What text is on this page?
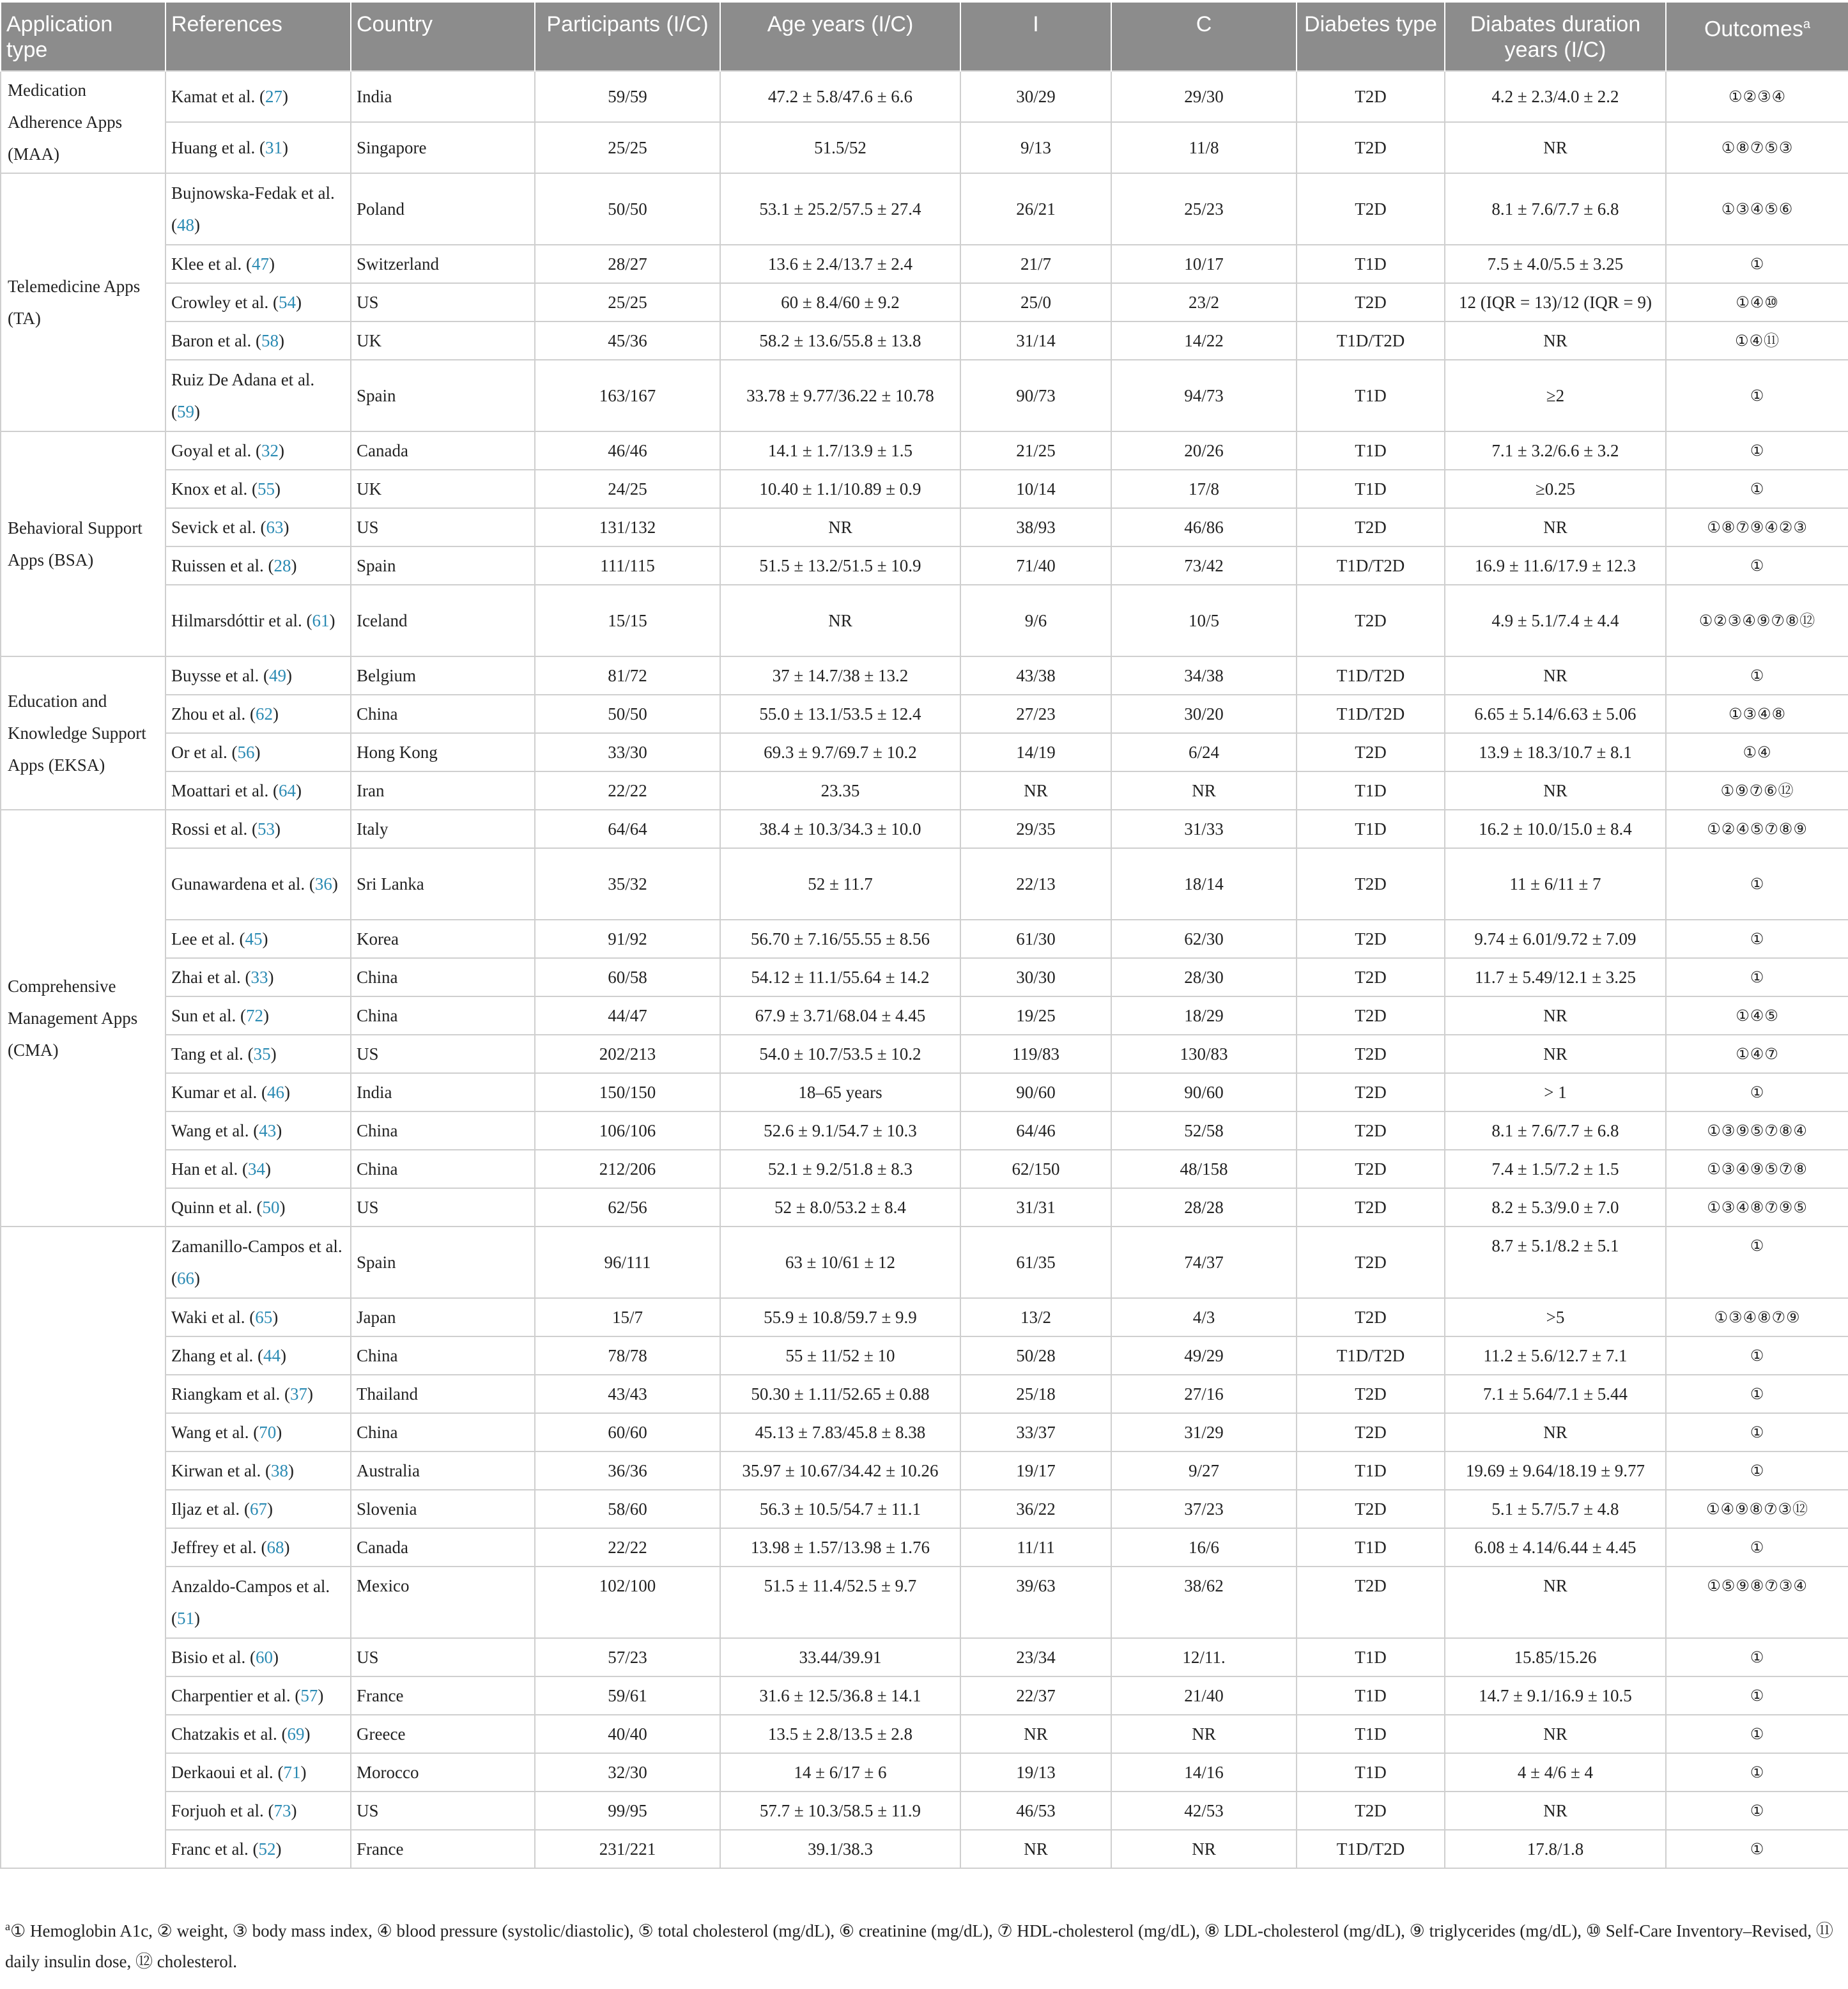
Application type	References	Country	Participants (I/C)	Age years (I/C)	I	C	Diabetes type	Diabates duration years (I/C)	Outcomes$^a$
Medication Adherence Apps (MAA)	Kamat et al. (27)	India	59/59	47.2 ± 5.8/47.6 ± 6.6	30/29	29/30	T2D	4.2 ± 2.3/4.0 ± 2.2	①②③④
	Huang et al. (31)	Singapore	25/25	51.5/52	9/13	11/8	T2D	NR	①⑧⑦⑤③
Telemedicine Apps (TA)	Bujnowska-Fedak et al. (48)	Poland	50/50	53.1 ± 25.2/57.5 ± 27.4	26/21	25/23	T2D	8.1 ± 7.6/7.7 ± 6.8	①③④⑤⑥
	Klee et al. (47)	Switzerland	28/27	13.6 ± 2.4/13.7 ± 2.4	21/7	10/17	T1D	7.5 ± 4.0/5.5 ± 3.25	①
	Crowley et al. (54)	US	25/25	60 ± 8.4/60 ± 9.2	25/0	23/2	T2D	12 (IQR = 13)/12 (IQR = 9)	①④⑩
	Baron et al. (58)	UK	45/36	58.2 ± 13.6/55.8 ± 13.8	31/14	14/22	T1D/T2D	NR	①④⑪
	Ruiz De Adana et al. (59)	Spain	163/167	33.78 ± 9.77/36.22 ± 10.78	90/73	94/73	T1D	≥2	①
Behavioral Support Apps (BSA)	Goyal et al. (32)	Canada	46/46	14.1 ± 1.7/13.9 ± 1.5	21/25	20/26	T1D	7.1 ± 3.2/6.6 ± 3.2	①
	Knox et al. (55)	UK	24/25	10.40 ± 1.1/10.89 ± 0.9	10/14	17/8	T1D	≥0.25	①
	Sevick et al. (63)	US	131/132	NR	38/93	46/86	T2D	NR	①⑧⑦⑨④②③
	Ruissen et al. (28)	Spain	111/115	51.5 ± 13.2/51.5 ± 10.9	71/40	73/42	T1D/T2D	16.9 ± 11.6/17.9 ± 12.3	①
	Hilmarsdóttir et al. (61)	Iceland	15/15	NR	9/6	10/5	T2D	4.9 ± 5.1/7.4 ± 4.4	①②③④⑨⑦⑧⑫
Education and Knowledge Support Apps (EKSA)	Buysse et al. (49)	Belgium	81/72	37 ± 14.7/38 ± 13.2	43/38	34/38	T1D/T2D	NR	①
	Zhou et al. (62)	China	50/50	55.0 ± 13.1/53.5 ± 12.4	27/23	30/20	T1D/T2D	6.65 ± 5.14/6.63 ± 5.06	①③④⑧
	Or et al. (56)	Hong Kong	33/30	69.3 ± 9.7/69.7 ± 10.2	14/19	6/24	T2D	13.9 ± 18.3/10.7 ± 8.1	①④
	Moattari et al. (64)	Iran	22/22	23.35	NR	NR	T1D	NR	①⑨⑦⑥⑫
Comprehensive Management Apps (CMA)	Rossi et al. (53)	Italy	64/64	38.4 ± 10.3/34.3 ± 10.0	29/35	31/33	T1D	16.2 ± 10.0/15.0 ± 8.4	①②④⑤⑦⑧⑨
	Gunawardena et al. (36)	Sri Lanka	35/32	52 ± 11.7	22/13	18/14	T2D	11 ± 6/11 ± 7	①
	Lee et al. (45)	Korea	91/92	56.70 ± 7.16/55.55 ± 8.56	61/30	62/30	T2D	9.74 ± 6.01/9.72 ± 7.09	①
	Zhai et al. (33)	China	60/58	54.12 ± 11.1/55.64 ± 14.2	30/30	28/30	T2D	11.7 ± 5.49/12.1 ± 3.25	①
	Sun et al. (72)	China	44/47	67.9 ± 3.71/68.04 ± 4.45	19/25	18/29	T2D	NR	①④⑤
	Tang et al. (35)	US	202/213	54.0 ± 10.7/53.5 ± 10.2	119/83	130/83	T2D	NR	①④⑦
	Kumar et al. (46)	India	150/150	18–65 years	90/60	90/60	T2D	> 1	①
	Wang et al. (43)	China	106/106	52.6 ± 9.1/54.7 ± 10.3	64/46	52/58	T2D	8.1 ± 7.6/7.7 ± 6.8	①③⑨⑤⑦⑧④
	Han et al. (34)	China	212/206	52.1 ± 9.2/51.8 ± 8.3	62/150	48/158	T2D	7.4 ± 1.5/7.2 ± 1.5	①③④⑨⑤⑦⑧
	Quinn et al. (50)	US	62/56	52 ± 8.0/53.2 ± 8.4	31/31	28/28	T2D	8.2 ± 5.3/9.0 ± 7.0	①③④⑧⑦⑨⑤
	Zamanillo-Campos et al. (66)	Spain	96/111	63 ± 10/61 ± 12	61/35	74/37	T2D	8.7 ± 5.1/8.2 ± 5.1	①
	Waki et al. (65)	Japan	15/7	55.9 ± 10.8/59.7 ± 9.9	13/2	4/3	T2D	>5	①③④⑧⑦⑨
	Zhang et al. (44)	China	78/78	55 ± 11/52 ± 10	50/28	49/29	T1D/T2D	11.2 ± 5.6/12.7 ± 7.1	①
	Riangkam et al. (37)	Thailand	43/43	50.30 ± 1.11/52.65 ± 0.88	25/18	27/16	T2D	7.1 ± 5.64/7.1 ± 5.44	①
	Wang et al. (70)	China	60/60	45.13 ± 7.83/45.8 ± 8.38	33/37	31/29	T2D	NR	①
	Kirwan et al. (38)	Australia	36/36	35.97 ± 10.67/34.42 ± 10.26	19/17	9/27	T1D	19.69 ± 9.64/18.19 ± 9.77	①
	Iljaz et al. (67)	Slovenia	58/60	56.3 ± 10.5/54.7 ± 11.1	36/22	37/23	T2D	5.1 ± 5.7/5.7 ± 4.8	①④⑨⑧⑦③⑫
	Jeffrey et al. (68)	Canada	22/22	13.98 ± 1.57/13.98 ± 1.76	11/11	16/6	T1D	6.08 ± 4.14/6.44 ± 4.45	①
	Anzaldo-Campos et al. (51)	Mexico	102/100	51.5 ± 11.4/52.5 ± 9.7	39/63	38/62	T2D	NR	①⑤⑨⑧⑦③④
	Bisio et al. (60)	US	57/23	33.44/39.91	23/34	12/11.	T1D	15.85/15.26	①
	Charpentier et al. (57)	France	59/61	31.6 ± 12.5/36.8 ± 14.1	22/37	21/40	T1D	14.7 ± 9.1/16.9 ± 10.5	①
	Chatzakis et al. (69)	Greece	40/40	13.5 ± 2.8/13.5 ± 2.8	NR	NR	T1D	NR	①
	Derkaoui et al. (71)	Morocco	32/30	14 ± 6/17 ± 6	19/13	14/16	T1D	4 ± 4/6 ± 4	①
	Forjuoh et al. (73)	US	99/95	57.7 ± 10.3/58.5 ± 11.9	46/53	42/53	T2D	NR	①
	Franc et al. (52)	France	231/221	39.1/38.3	NR	NR	T1D/T2D	17.8/1.8	①
$^a$① Hemoglobin A1c, ② weight, ③ body mass index, ④ blood pressure (systolic/diastolic), ⑤ total cholesterol (mg/dL), ⑥ creatinine (mg/dL), ⑦ HDL-cholesterol (mg/dL), ⑧ LDL-cholesterol (mg/dL), ⑨ triglycerides (mg/dL), ⑩ Self-Care Inventory–Revised, ⑪ daily insulin dose, ⑫ cholesterol.
